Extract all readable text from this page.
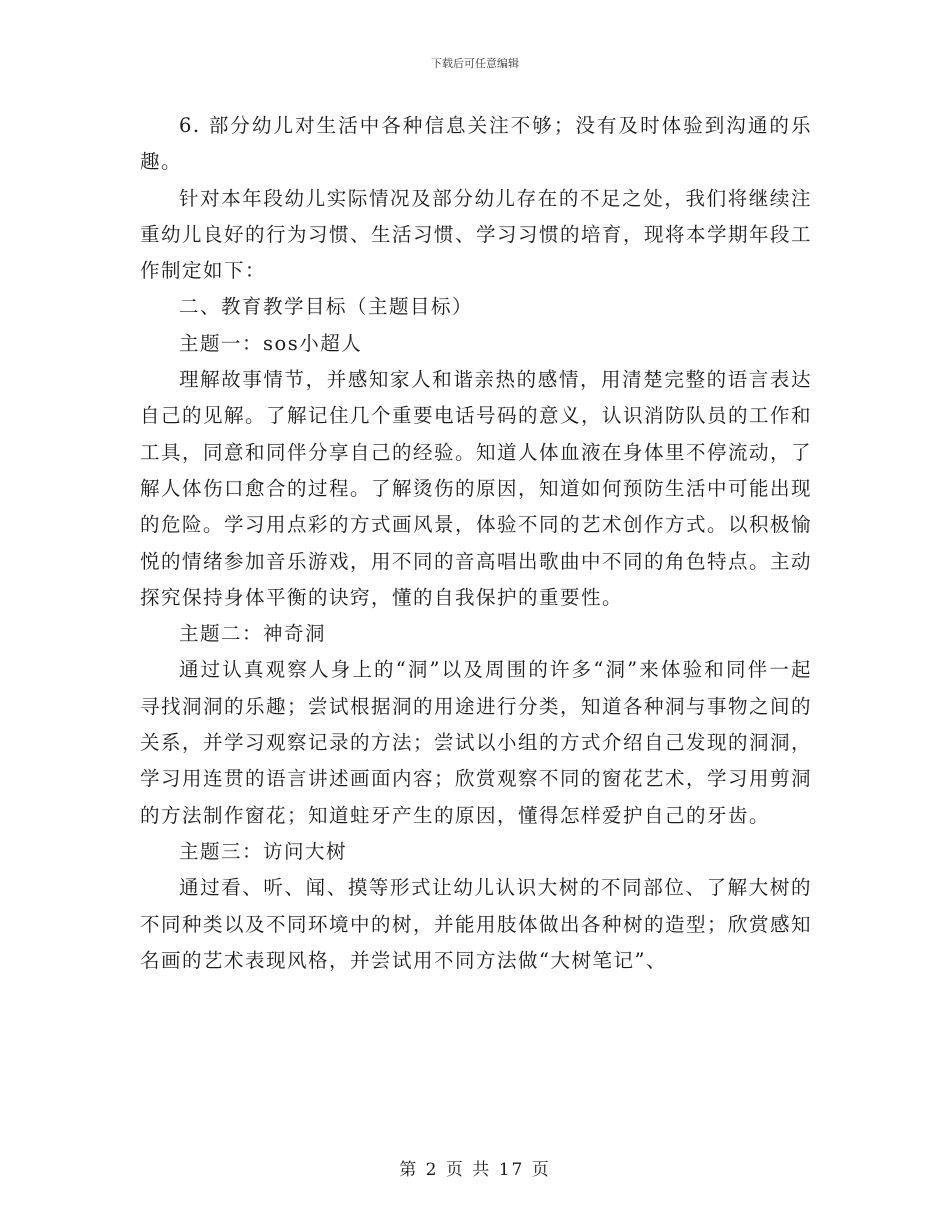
下载后可任意编辑

6. 部分幼儿对生活中各种信息关注不够；没有及时体验到沟通的乐趣。

针对本年段幼儿实际情况及部分幼儿存在的不足之处，我们将继续注重幼儿良好的行为习惯、生活习惯、学习习惯的培育，现将本学期年段工作制定如下：

二、教育教学目标（主题目标）

主题一：sos小超人

理解故事情节，并感知家人和谐亲热的感情，用清楚完整的语言表达自己的见解。了解记住几个重要电话号码的意义，认识消防队员的工作和工具，同意和同伴分享自己的经验。知道人体血液在身体里不停流动，了解人体伤口愈合的过程。了解烫伤的原因，知道如何预防生活中可能出现的危险。学习用点彩的方式画风景，体验不同的艺术创作方式。以积极愉悦的情绪参加音乐游戏，用不同的音高唱出歌曲中不同的角色特点。主动探究保持身体平衡的诀窍，懂的自我保护的重要性。

主题二：神奇洞

通过认真观察人身上的“洞”以及周围的许多“洞”来体验和同伴一起寻找洞洞的乐趣；尝试根据洞的用途进行分类，知道各种洞与事物之间的关系，并学习观察记录的方法；尝试以小组的方式介绍自己发现的洞洞，学习用连贯的语言讲述画面内容；欣赏观察不同的窗花艺术，学习用剪洞的方法制作窗花；知道蛀牙产生的原因，懂得怎样爱护自己的牙齿。

主题三：访问大树

通过看、听、闻、摸等形式让幼儿认识大树的不同部位、了解大树的不同种类以及不同环境中的树，并能用肢体做出各种树的造型；欣赏感知名画的艺术表现风格，并尝试用不同方法做“大树笔记”、

第 2 页 共 17 页
